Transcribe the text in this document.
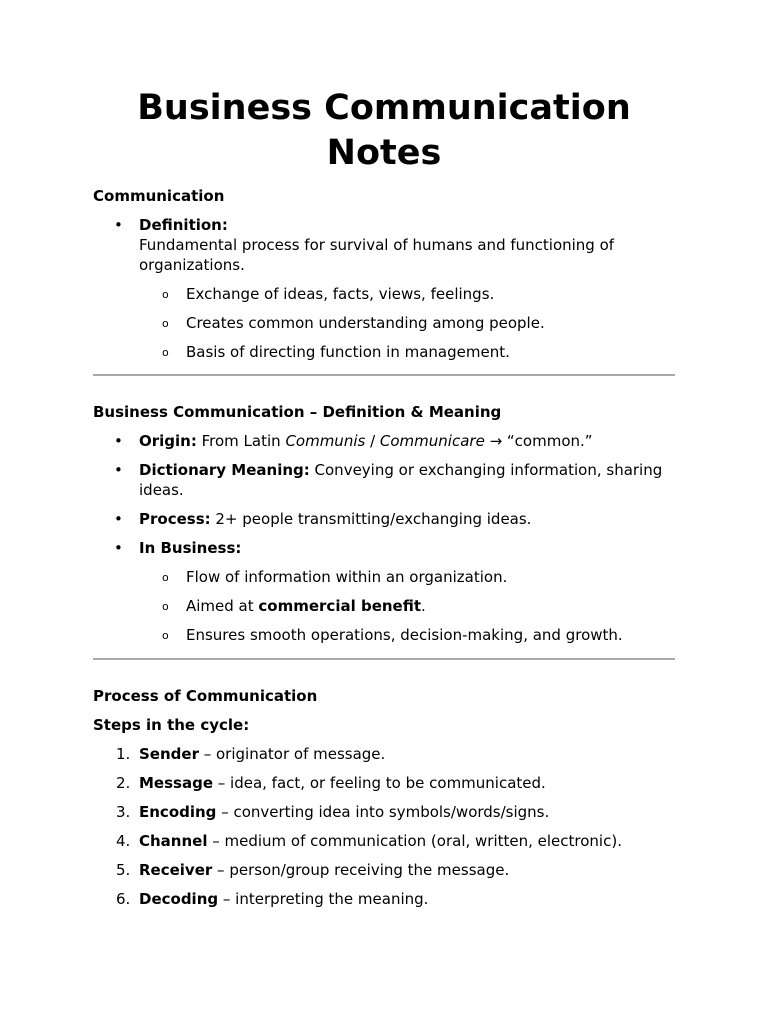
Business Communication
Notes
Communication
• Definition:
Fundamental process for survival of humans and functioning of organizations.
o Exchange of ideas, facts, views, feelings.
o Creates common understanding among people.
o Basis of directing function in management.
Business Communication – Definition & Meaning
• Origin: From Latin Communis / Communicare → “common.”
• Dictionary Meaning: Conveying or exchanging information, sharing ideas.
• Process: 2+ people transmitting/exchanging ideas.
• In Business:
o Flow of information within an organization.
o Aimed at commercial benefit.
o Ensures smooth operations, decision-making, and growth.
Process of Communication
Steps in the cycle:
1. Sender – originator of message.
2. Message – idea, fact, or feeling to be communicated.
3. Encoding – converting idea into symbols/words/signs.
4. Channel – medium of communication (oral, written, electronic).
5. Receiver – person/group receiving the message.
6. Decoding – interpreting the meaning.
